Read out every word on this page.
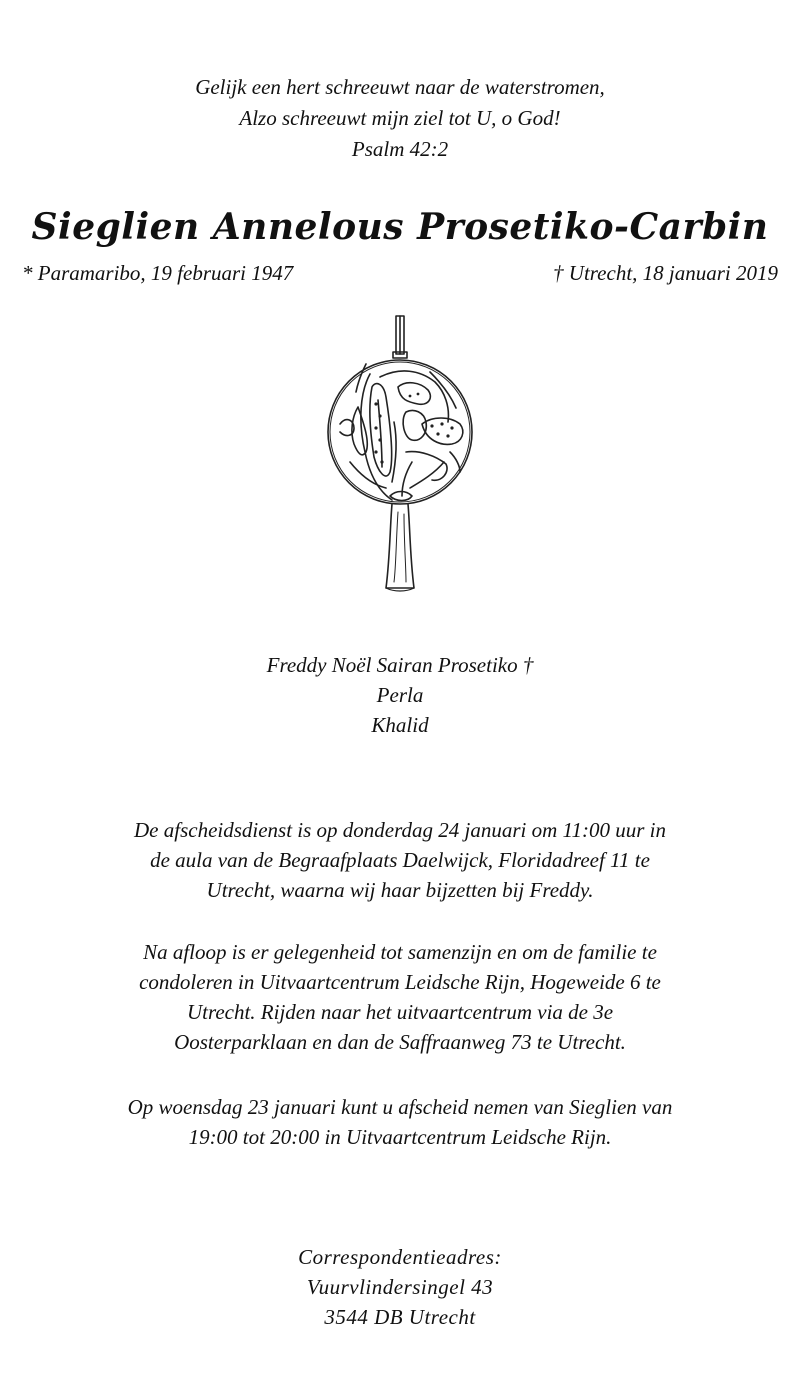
Gelijk een hert schreeuwt naar de waterstromen,
Alzo schreeuwt mijn ziel tot U, o God!
Psalm 42:2
Sieglien Annelous Prosetiko-Carbin
* Paramaribo, 19 februari 1947	† Utrecht, 18 januari 2019
Freddy Noël Sairan Prosetiko †
Perla
Khalid
De afscheidsdienst is op donderdag 24 januari om 11:00 uur in
de aula van de Begraafplaats Daelwijck, Floridadreef 11 te
Utrecht, waarna wij haar bijzetten bij Freddy.
Na afloop is er gelegenheid tot samenzijn en om de familie te
condoleren in Uitvaartcentrum Leidsche Rijn, Hogeweide 6 te
Utrecht. Rijden naar het uitvaartcentrum via de 3e
Oosterparklaan en dan de Saffraanweg 73 te Utrecht.
Op woensdag 23 januari kunt u afscheid nemen van Sieglien van
19:00 tot 20:00 in Uitvaartcentrum Leidsche Rijn.
Correspondentieadres:
Vuurvlindersingel 43
3544 DB Utrecht
